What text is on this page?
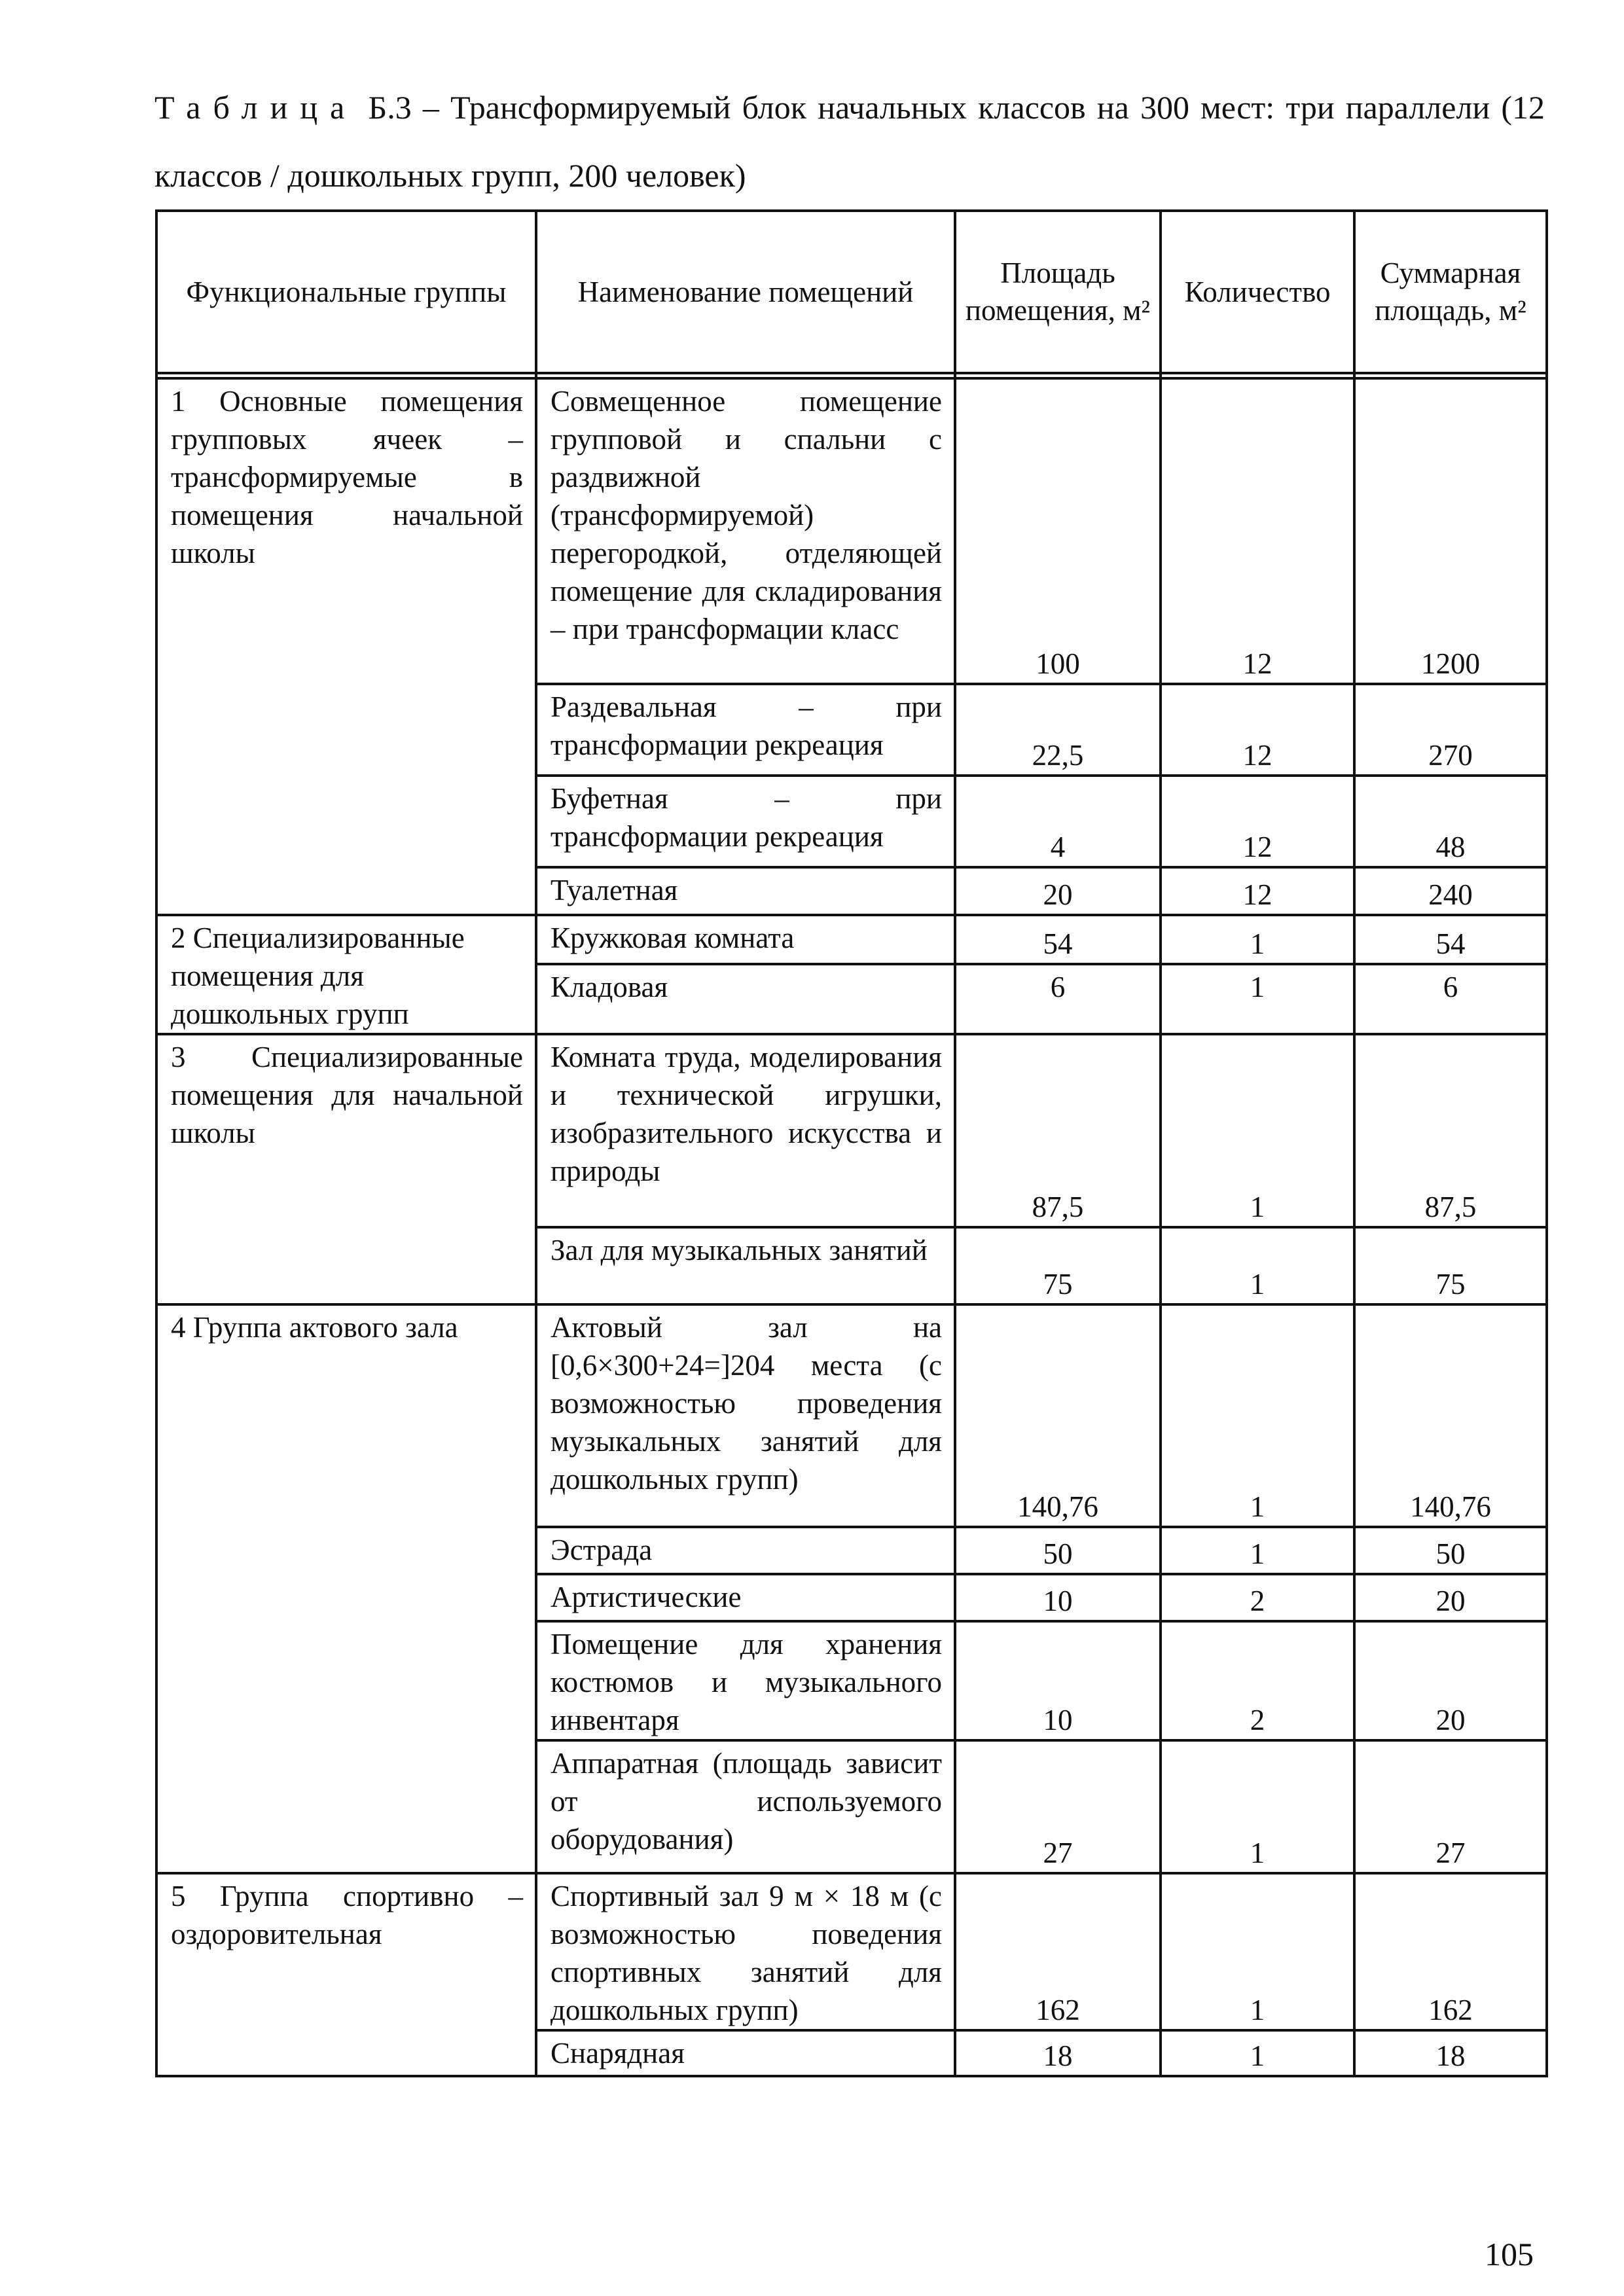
Таблица Б.3 – Трансформируемый блок начальных классов на 300 мест: три параллели (12 классов / дошкольных групп, 200 человек)
Функциональные группы	Наименование помещений	Площадь помещения, м²	Количество	Суммарная площадь, м²

1 Основные помещения групповых ячеек – трансформируемые в помещения начальной школы	Совмещенное помещение групповой и спальни с раздвижной (трансформируемой) перегородкой, отделяющей помещение для складирования – при трансформации класс	100	12	1200
	Раздевальная – при трансформации рекреация	22,5	12	270
	Буфетная – при трансформации рекреация	4	12	48
	Туалетная	20	12	240
2 Специализированные помещения для дошкольных групп	Кружковая комната	54	1	54
	Кладовая	6	1	6
3 Специализированные помещения для начальной школы	Комната труда, моделирования и технической игрушки, изобразительного искусства и природы	87,5	1	87,5
	Зал для музыкальных занятий	75	1	75
4 Группа актового зала	Актовый зал на [0,6×300+24=]204 места (с возможностью проведения музыкальных занятий для дошкольных групп)	140,76	1	140,76
	Эстрада	50	1	50
	Артистические	10	2	20
	Помещение для хранения костюмов и музыкального инвентаря	10	2	20
	Аппаратная (площадь зависит от используемого оборудования)	27	1	27
5 Группа спортивно – оздоровительная	Спортивный зал 9 м × 18 м (с возможностью поведения спортивных занятий для дошкольных групп)	162	1	162
	Снарядная	18	1	18
105
